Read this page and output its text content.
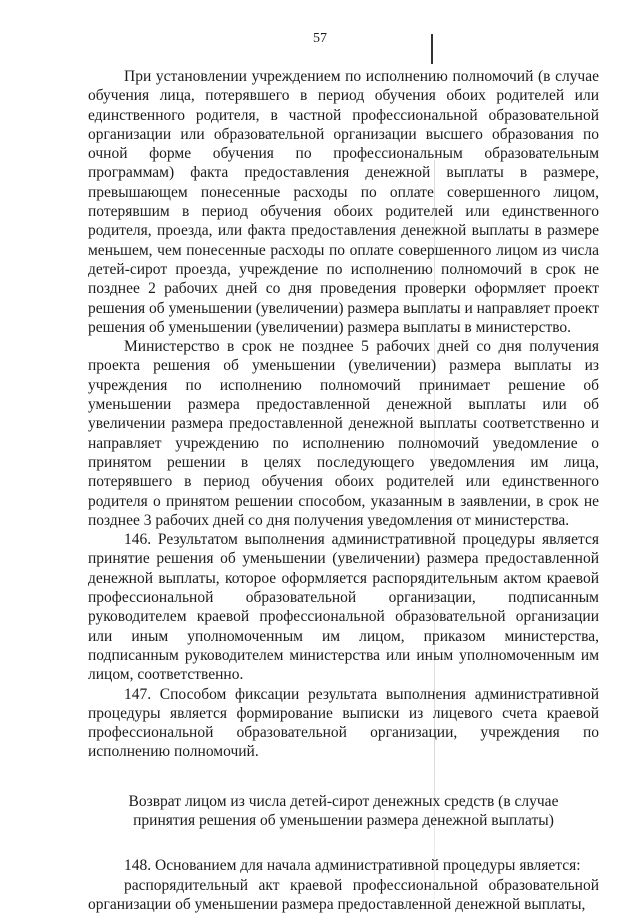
57

При установлении учреждением по исполнению полномочий (в случае обучения лица, потерявшего в период обучения обоих родителей или единственного родителя, в частной профессиональной образовательной организации или образовательной организации высшего образования по очной форме обучения по профессиональным образовательным программам) факта предоставления денежной выплаты в размере, превышающем понесенные расходы по оплате совершенного лицом, потерявшим в период обучения обоих родителей или единственного родителя, проезда, или факта предоставления денежной выплаты в размере меньшем, чем понесенные расходы по оплате совершенного лицом из числа детей-сирот проезда, учреждение по исполнению полномочий в срок не позднее 2 рабочих дней со дня проведения проверки оформляет проект решения об уменьшении (увеличении) размера выплаты и направляет проект решения об уменьшении (увеличении) размера выплаты в министерство.

Министерство в срок не позднее 5 рабочих дней со дня получения проекта решения об уменьшении (увеличении) размера выплаты из учреждения по исполнению полномочий принимает решение об уменьшении размера предоставленной денежной выплаты или об увеличении размера предоставленной денежной выплаты соответственно и направляет учреждению по исполнению полномочий уведомление о принятом решении в целях последующего уведомления им лица, потерявшего в период обучения обоих родителей или единственного родителя о принятом решении способом, указанным в заявлении, в срок не позднее 3 рабочих дней со дня получения уведомления от министерства.

146. Результатом выполнения административной процедуры является принятие решения об уменьшении (увеличении) размера предоставленной денежной выплаты, которое оформляется распорядительным актом краевой профессиональной образовательной организации, подписанным руководителем краевой профессиональной образовательной организации или иным уполномоченным им лицом, приказом министерства, подписанным руководителем министерства или иным уполномоченным им лицом, соответственно.

147. Способом фиксации результата выполнения административной процедуры является формирование выписки из лицевого счета краевой профессиональной образовательной организации, учреждения по исполнению полномочий.

Возврат лицом из числа детей-сирот денежных средств (в случае принятия решения об уменьшении размера денежной выплаты)

148. Основанием для начала административной процедуры является:

распорядительный акт краевой профессиональной образовательной организации об уменьшении размера предоставленной денежной выплаты,
